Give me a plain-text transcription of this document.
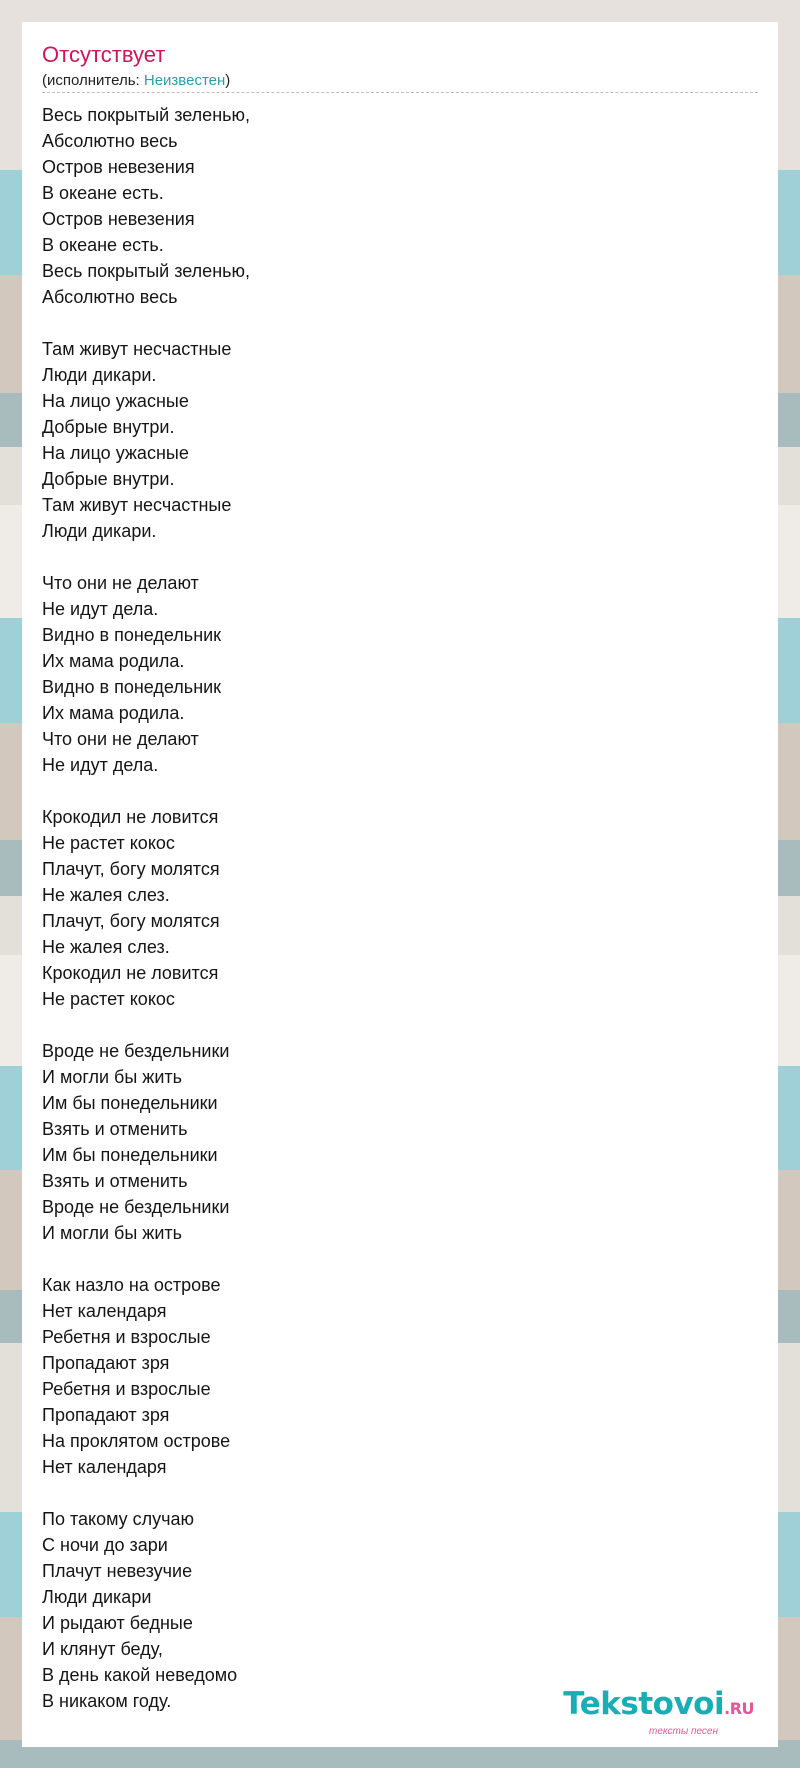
Отсутствует
(исполнитель: Неизвестен)
Весь покрытый зеленью,
Абсолютно весь
Остров невезения
В океане есть.
Остров невезения
В океане есть.
Весь покрытый зеленью,
Абсолютно весь
Там живут несчастные
Люди дикари.
На лицо ужасные
Добрые внутри.
На лицо ужасные
Добрые внутри.
Там живут несчастные
Люди дикари.
Что они не делают
Не идут дела.
Видно в понедельник
Их мама родила.
Видно в понедельник
Их мама родила.
Что они не делают
Не идут дела.
Крокодил не ловится
Не растет кокос
Плачут, богу молятся
Не жалея слез.
Плачут, богу молятся
Не жалея слез.
Крокодил не ловится
Не растет кокос
Вроде не бездельники
И могли бы жить
Им бы понедельники
Взять и отменить
Им бы понедельники
Взять и отменить
Вроде не бездельники
И могли бы жить
Как назло на острове
Нет календаря
Ребетня и взрослые
Пропадают зря
Ребетня и взрослые
Пропадают зря
На проклятом острове
Нет календаря
По такому случаю
С ночи до зари
Плачут невезучие
Люди дикари
И рыдают бедные
И клянут беду,
В день какой неведомо
В никаком году.	Tekstovoi.RU
тексты песен
